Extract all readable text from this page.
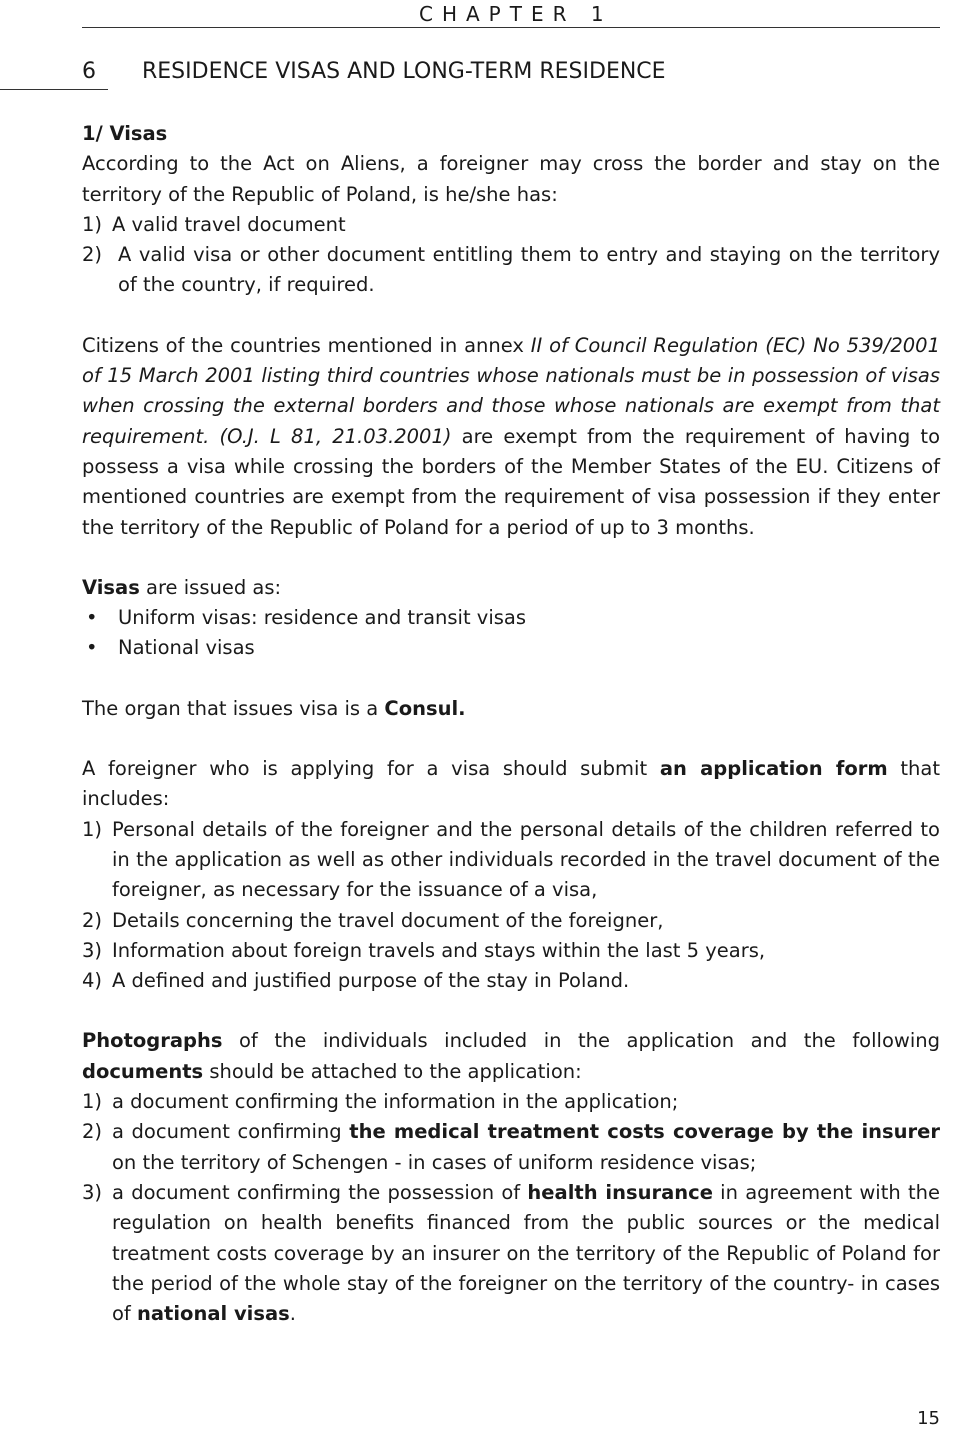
CHAPTER 1
6 RESIDENCE VISAS AND LONG-TERM RESIDENCE

1/ Visas

According to the Act on Aliens, a foreigner may cross the border and stay on the territory of the Republic of Poland, is he/she has:

1) A valid travel document
2) A valid visa or other document entitling them to entry and staying on the territory of the country, if required.

Citizens of the countries mentioned in annex II of Council Regulation (EC) No 539/2001 of 15 March 2001 listing third countries whose nationals must be in possession of visas when crossing the external borders and those whose nationals are exempt from that requirement. (O.J. L 81, 21.03.2001) are exempt from the requirement of having to possess a visa while crossing the borders of the Member States of the EU. Citizens of mentioned countries are exempt from the requirement of visa possession if they enter the territory of the Republic of Poland for a period of up to 3 months.

Visas are issued as:

•	Uniform visas: residence and transit visas
•	National visas

The organ that issues visa is a Consul.

A foreigner who is applying for a visa should submit an application form that includes:

1) Personal details of the foreigner and the personal details of the children referred to in the application as well as other individuals recorded in the travel document of the foreigner, as necessary for the issuance of a visa,
2) Details concerning the travel document of the foreigner,
3) Information about foreign travels and stays within the last 5 years,
4) A defined and justified purpose of the stay in Poland.

Photographs of the individuals included in the application and the following documents should be attached to the application:

1) a document confirming the information in the application;
2) a document confirming the medical treatment costs coverage by the insurer on the territory of Schengen - in cases of uniform residence visas;
3) a document confirming the possession of health insurance in agreement with the regulation on health benefits financed from the public sources or the medical treatment costs coverage by an insurer on the territory of the Republic of Poland for the period of the whole stay of the foreigner on the territory of the country- in cases of national visas.
15
